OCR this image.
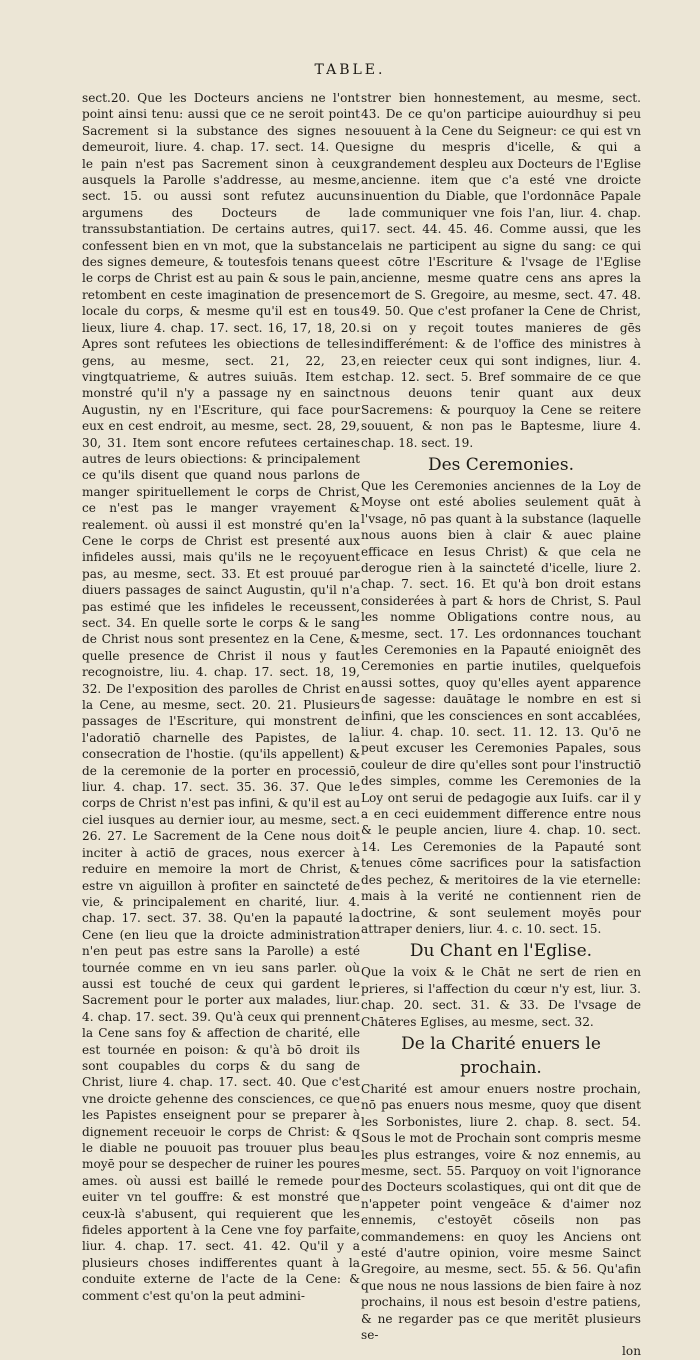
TABLE.

sect.20. Que les Docteurs anciens ne l'ont point ainsi tenu: aussi que ce ne seroit point Sacrement si la substance des signes ne demeuroit, liure. 4. chap. 17. sect. 14. Que le pain n'est pas Sacrement sinon à ceux ausquels la Parolle s'addresse, au mesme, sect. 15. ou aussi sont refutez aucuns argumens des Docteurs de la transsubstantiation. De certains autres, qui confessent bien en vn mot, que la substance des signes demeure, & toutesfois tenans que le corps de Christ est au pain & sous le pain, retombent en ceste imagination de presence locale du corps, & mesme qu'il est en tous lieux, liure 4. chap. 17. sect. 16, 17, 18, 20. Apres sont refutees les obiections de telles gens, au mesme, sect. 21, 22, 23, vingtquatrieme, & autres suiuās. Item est monstré qu'il n'y a passage ny en sainct Augustin, ny en l'Escriture, qui face pour eux en cest endroit, au mesme, sect. 28, 29, 30, 31. Item sont encore refutees certaines autres de leurs obiections: & principalement ce qu'ils disent que quand nous parlons de manger spirituellement le corps de Christ, ce n'est pas le manger vrayement & realement. où aussi il est monstré qu'en la Cene le corps de Christ est presenté aux infideles aussi, mais qu'ils ne le reçoyuent pas, au mesme, sect. 33. Et est prouué par diuers passages de sainct Augustin, qu'il n'a pas estimé que les infideles le receussent, sect. 34. En quelle sorte le corps & le sang de Christ nous sont presentez en la Cene, & quelle presence de Christ il nous y faut recognoistre, liu. 4. chap. 17. sect. 18, 19, 32. De l'exposition des parolles de Christ en la Cene, au mesme, sect. 20. 21. Plusieurs passages de l'Escriture, qui monstrent de l'adoratiō charnelle des Papistes, de la consecration de l'hostie. (qu'ils appellent) & de la ceremonie de la porter en processiō, liur. 4. chap. 17. sect. 35. 36. 37. Que le corps de Christ n'est pas infini, & qu'il est au ciel iusques au dernier iour, au mesme, sect. 26. 27. Le Sacrement de la Cene nous doit inciter à actiō de graces, nous exercer à reduire en memoire la mort de Christ, & estre vn aiguillon à profiter en saincteté de vie, & principalement en charité, liur. 4. chap. 17. sect. 37. 38. Qu'en la papauté la Cene (en lieu que la droicte administration n'en peut pas estre sans la Parolle) a esté tournée comme en vn ieu sans parler. où aussi est touché de ceux qui gardent le Sacrement pour le porter aux malades, liur. 4. chap. 17. sect. 39. Qu'à ceux qui prennent la Cene sans foy & affection de charité, elle est tournée en poison: & qu'à bō droit ils sont coupables du corps & du sang de Christ, liure 4. chap. 17. sect. 40. Que c'est vne droicte gehenne des consciences, ce que les Papistes enseignent pour se preparer à dignement receuoir le corps de Christ: & q le diable ne pouuoit pas trouuer plus beau moyē pour se despecher de ruiner les poures ames. où aussi est baillé le remede pour euiter vn tel gouffre: & est monstré que ceux-là s'abusent, qui requierent que les fideles apportent à la Cene vne foy parfaite, liur. 4. chap. 17. sect. 41. 42. Qu'il y a plusieurs choses indifferentes quant à la conduite externe de l'acte de la Cene: & comment c'est qu'on la peut admini-

strer bien honnestement, au mesme, sect. 43. De ce qu'on participe auiourdhuy si peu souuent à la Cene du Seigneur: ce qui est vn signe du mespris d'icelle, & qui a grandement despleu aux Docteurs de l'Eglise ancienne. item que c'a esté vne droicte inuention du Diable, que l'ordonnāce Papale de communiquer vne fois l'an, liur. 4. chap. 17. sect. 44. 45. 46. Comme aussi, que les lais ne participent au signe du sang: ce qui est cōtre l'Escriture & l'vsage de l'Eglise ancienne, mesme quatre cens ans apres la mort de S. Gregoire, au mesme, sect. 47. 48. 49. 50. Que c'est profaner la Cene de Christ, si on y reçoit toutes manieres de gēs indifferément: & de l'office des ministres à en reiecter ceux qui sont indignes, liur. 4. chap. 12. sect. 5. Bref sommaire de ce que nous deuons tenir quant aux deux Sacremens: & pourquoy la Cene se reitere souuent, & non pas le Baptesme, liure 4. chap. 18. sect. 19.

Des Ceremonies.

Que les Ceremonies anciennes de la Loy de Moyse ont esté abolies seulement quāt à l'vsage, nō pas quant à la substance (laquelle nous auons bien à clair & auec plaine efficace en Iesus Christ) & que cela ne derogue rien à la saincteté d'icelle, liure 2. chap. 7. sect. 16. Et qu'à bon droit estans considerées à part & hors de Christ, S. Paul les nomme Obligations contre nous, au mesme, sect. 17. Les ordonnances touchant les Ceremonies en la Papauté enioignēt des Ceremonies en partie inutiles, quelquefois aussi sottes, quoy qu'elles ayent apparence de sagesse: dauātage le nombre en est si infini, que les consciences en sont accablées, liur. 4. chap. 10. sect. 11. 12. 13. Qu'ō ne peut excuser les Ceremonies Papales, sous couleur de dire qu'elles sont pour l'instructiō des simples, comme les Ceremonies de la Loy ont serui de pedagogie aux Iuifs. car il y a en ceci euidemment difference entre nous & le peuple ancien, liure 4. chap. 10. sect. 14. Les Ceremonies de la Papauté sont tenues cōme sacrifices pour la satisfaction des pechez, & meritoires de la vie eternelle: mais à la verité ne contiennent rien de doctrine, & sont seulement moyēs pour attraper deniers, liur. 4. c. 10. sect. 15.

Du Chant en l'Eglise.

Que la voix & le Chāt ne sert de rien en prieres, si l'affection du cœur n'y est, liur. 3. chap. 20. sect. 31. & 33. De l'vsage de Chāteres Eglises, au mesme, sect. 32.

De la Charité enuers le prochain.

Charité est amour enuers nostre prochain, nō pas enuers nous mesme, quoy que disent les Sorbonistes, liure 2. chap. 8. sect. 54. Sous le mot de Prochain sont compris mesme les plus estranges, voire & noz ennemis, au mesme, sect. 55. Parquoy on voit l'ignorance des Docteurs scolastiques, qui ont dit que de n'appeter point vengeāce & d'aimer noz ennemis, c'estoyēt cōseils non pas commandemens: en quoy les Anciens ont esté d'autre opinion, voire mesme Sainct Gregoire, au mesme, sect. 55. & 56. Qu'afin que nous ne nous lassions de bien faire à noz prochains, il nous est besoin d'estre patiens, & ne regarder pas ce que meritēt plusieurs se-

lon
